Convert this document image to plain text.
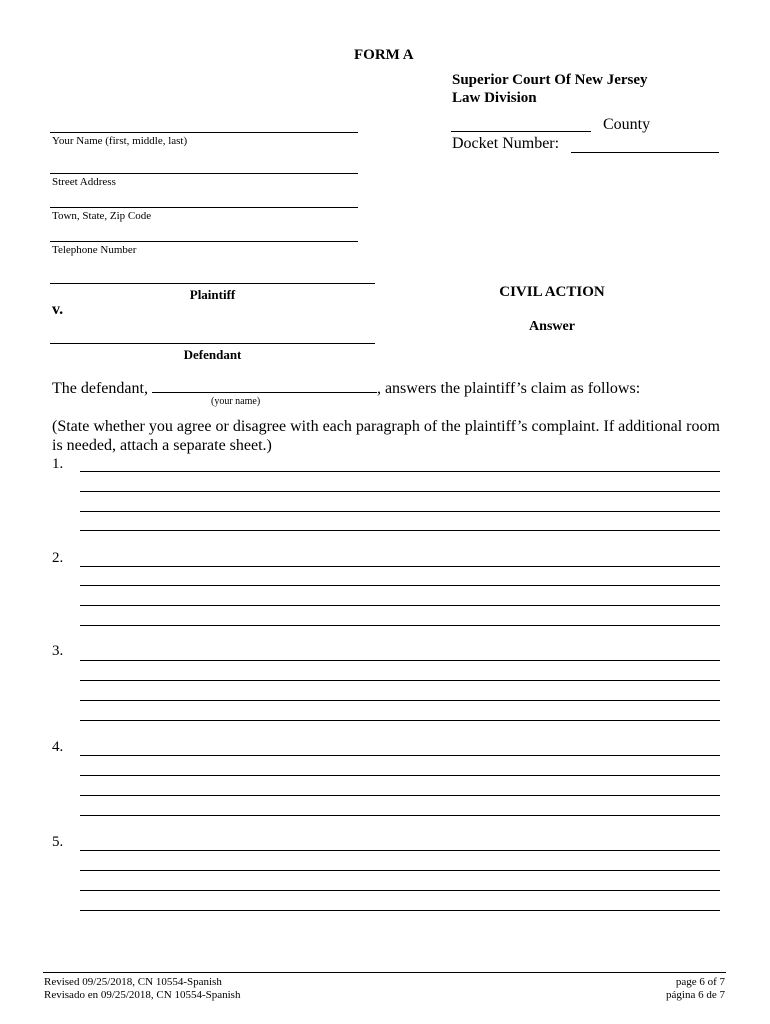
FORM A
Superior Court Of New Jersey
Law Division
County
Docket Number:
Your Name (first, middle, last)
Street Address
Town, State, Zip Code
Telephone Number
Plaintiff
v.
Defendant
CIVIL ACTION
Answer
The defendant,	, answers the plaintiff’s claim as follows:
(your name)
(State whether you agree or disagree with each paragraph of the plaintiff’s complaint. If additional room is needed, attach a separate sheet.)
1.
2.
3.
4.
5.
Revised 09/25/2018, CN 10554-Spanish
Revisado en 09/25/2018, CN 10554-Spanish
page 6 of 7
página 6 de 7
